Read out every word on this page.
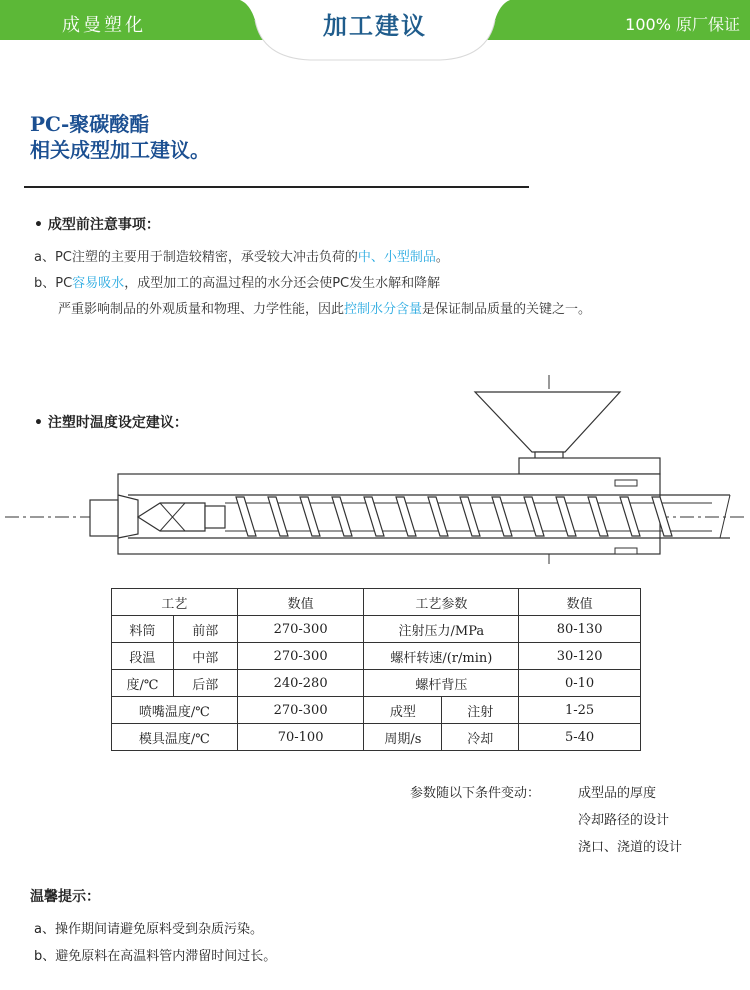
成曼塑化	加工建议	100% 原厂保证
PC-聚碳酸酯
相关成型加工建议。
• 成型前注意事项：
a、PC注塑的主要用于制造较精密，承受较大冲击负荷的中、小型制品。
b、PC容易吸水，成型加工的高温过程的水分还会使PC发生水解和降解
严重影响制品的外观质量和物理、力学性能，因此控制水分含量是保证制品质量的关键之一。
• 注塑时温度设定建议：
工艺		数值	工艺参数		数值
料筒	前部	270-300	注射压力/MPa		80-130
段温	中部	270-300	螺杆转速/(r/min)		30-120
度/℃	后部	240-280	螺杆背压		0-10
喷嘴温度/℃		270-300	成型	注射	1-25
模具温度/℃		70-100	周期/s	冷却	5-40
参数随以下条件变动：	成型品的厚度
冷却路径的设计
浇口、浇道的设计
温馨提示：
a、操作期间请避免原料受到杂质污染。
b、避免原料在高温料管内滞留时间过长。
